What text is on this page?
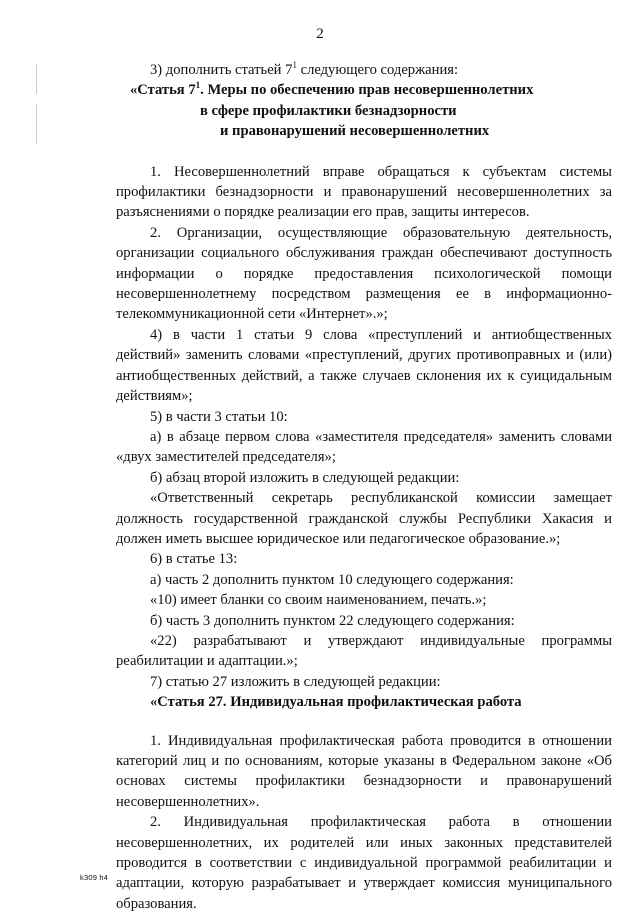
2

3) дополнить статьей $7^1$ следующего содержания:

«Статья $7^1$. Меры по обеспечению прав несовершеннолетних
в сфере профилактики безнадзорности
и правонарушений несовершеннолетних

1. Несовершеннолетний вправе обращаться к субъектам системы профилактики безнадзорности и правонарушений несовершеннолетних за разъяснениями о порядке реализации его прав, защиты интересов.

2. Организации, осуществляющие образовательную деятельность, организации социального обслуживания граждан обеспечивают доступность информации о порядке предоставления психологической помощи несовершеннолетнему посредством размещения ее в информационно-телекоммуникационной сети «Интернет».»;

4) в части 1 статьи 9 слова «преступлений и антиобщественных действий» заменить словами «преступлений, других противоправных и (или) антиобщественных действий, а также случаев склонения их к суицидальным действиям»;

5) в части 3 статьи 10:

а) в абзаце первом слова «заместителя председателя» заменить словами «двух заместителей председателя»;

б) абзац второй изложить в следующей редакции:

«Ответственный секретарь республиканской комиссии замещает должность государственной гражданской службы Республики Хакасия и должен иметь высшее юридическое или педагогическое образование.»;

6) в статье 13:

а) часть 2 дополнить пунктом 10 следующего содержания:

«10) имеет бланки со своим наименованием, печать.»;

б) часть 3 дополнить пунктом 22 следующего содержания:

«22) разрабатывают и утверждают индивидуальные программы реабилитации и адаптации.»;

7) статью 27 изложить в следующей редакции:

«Статья 27. Индивидуальная профилактическая работа

1. Индивидуальная профилактическая работа проводится в отношении категорий лиц и по основаниям, которые указаны в Федеральном законе «Об основах системы профилактики безнадзорности и правонарушений несовершеннолетних».

2. Индивидуальная профилактическая работа в отношении несовершеннолетних, их родителей или иных законных представителей проводится в соответствии с индивидуальной программой реабилитации и адаптации, которую разрабатывает и утверждает комиссия муниципального образования.

k309 h4
